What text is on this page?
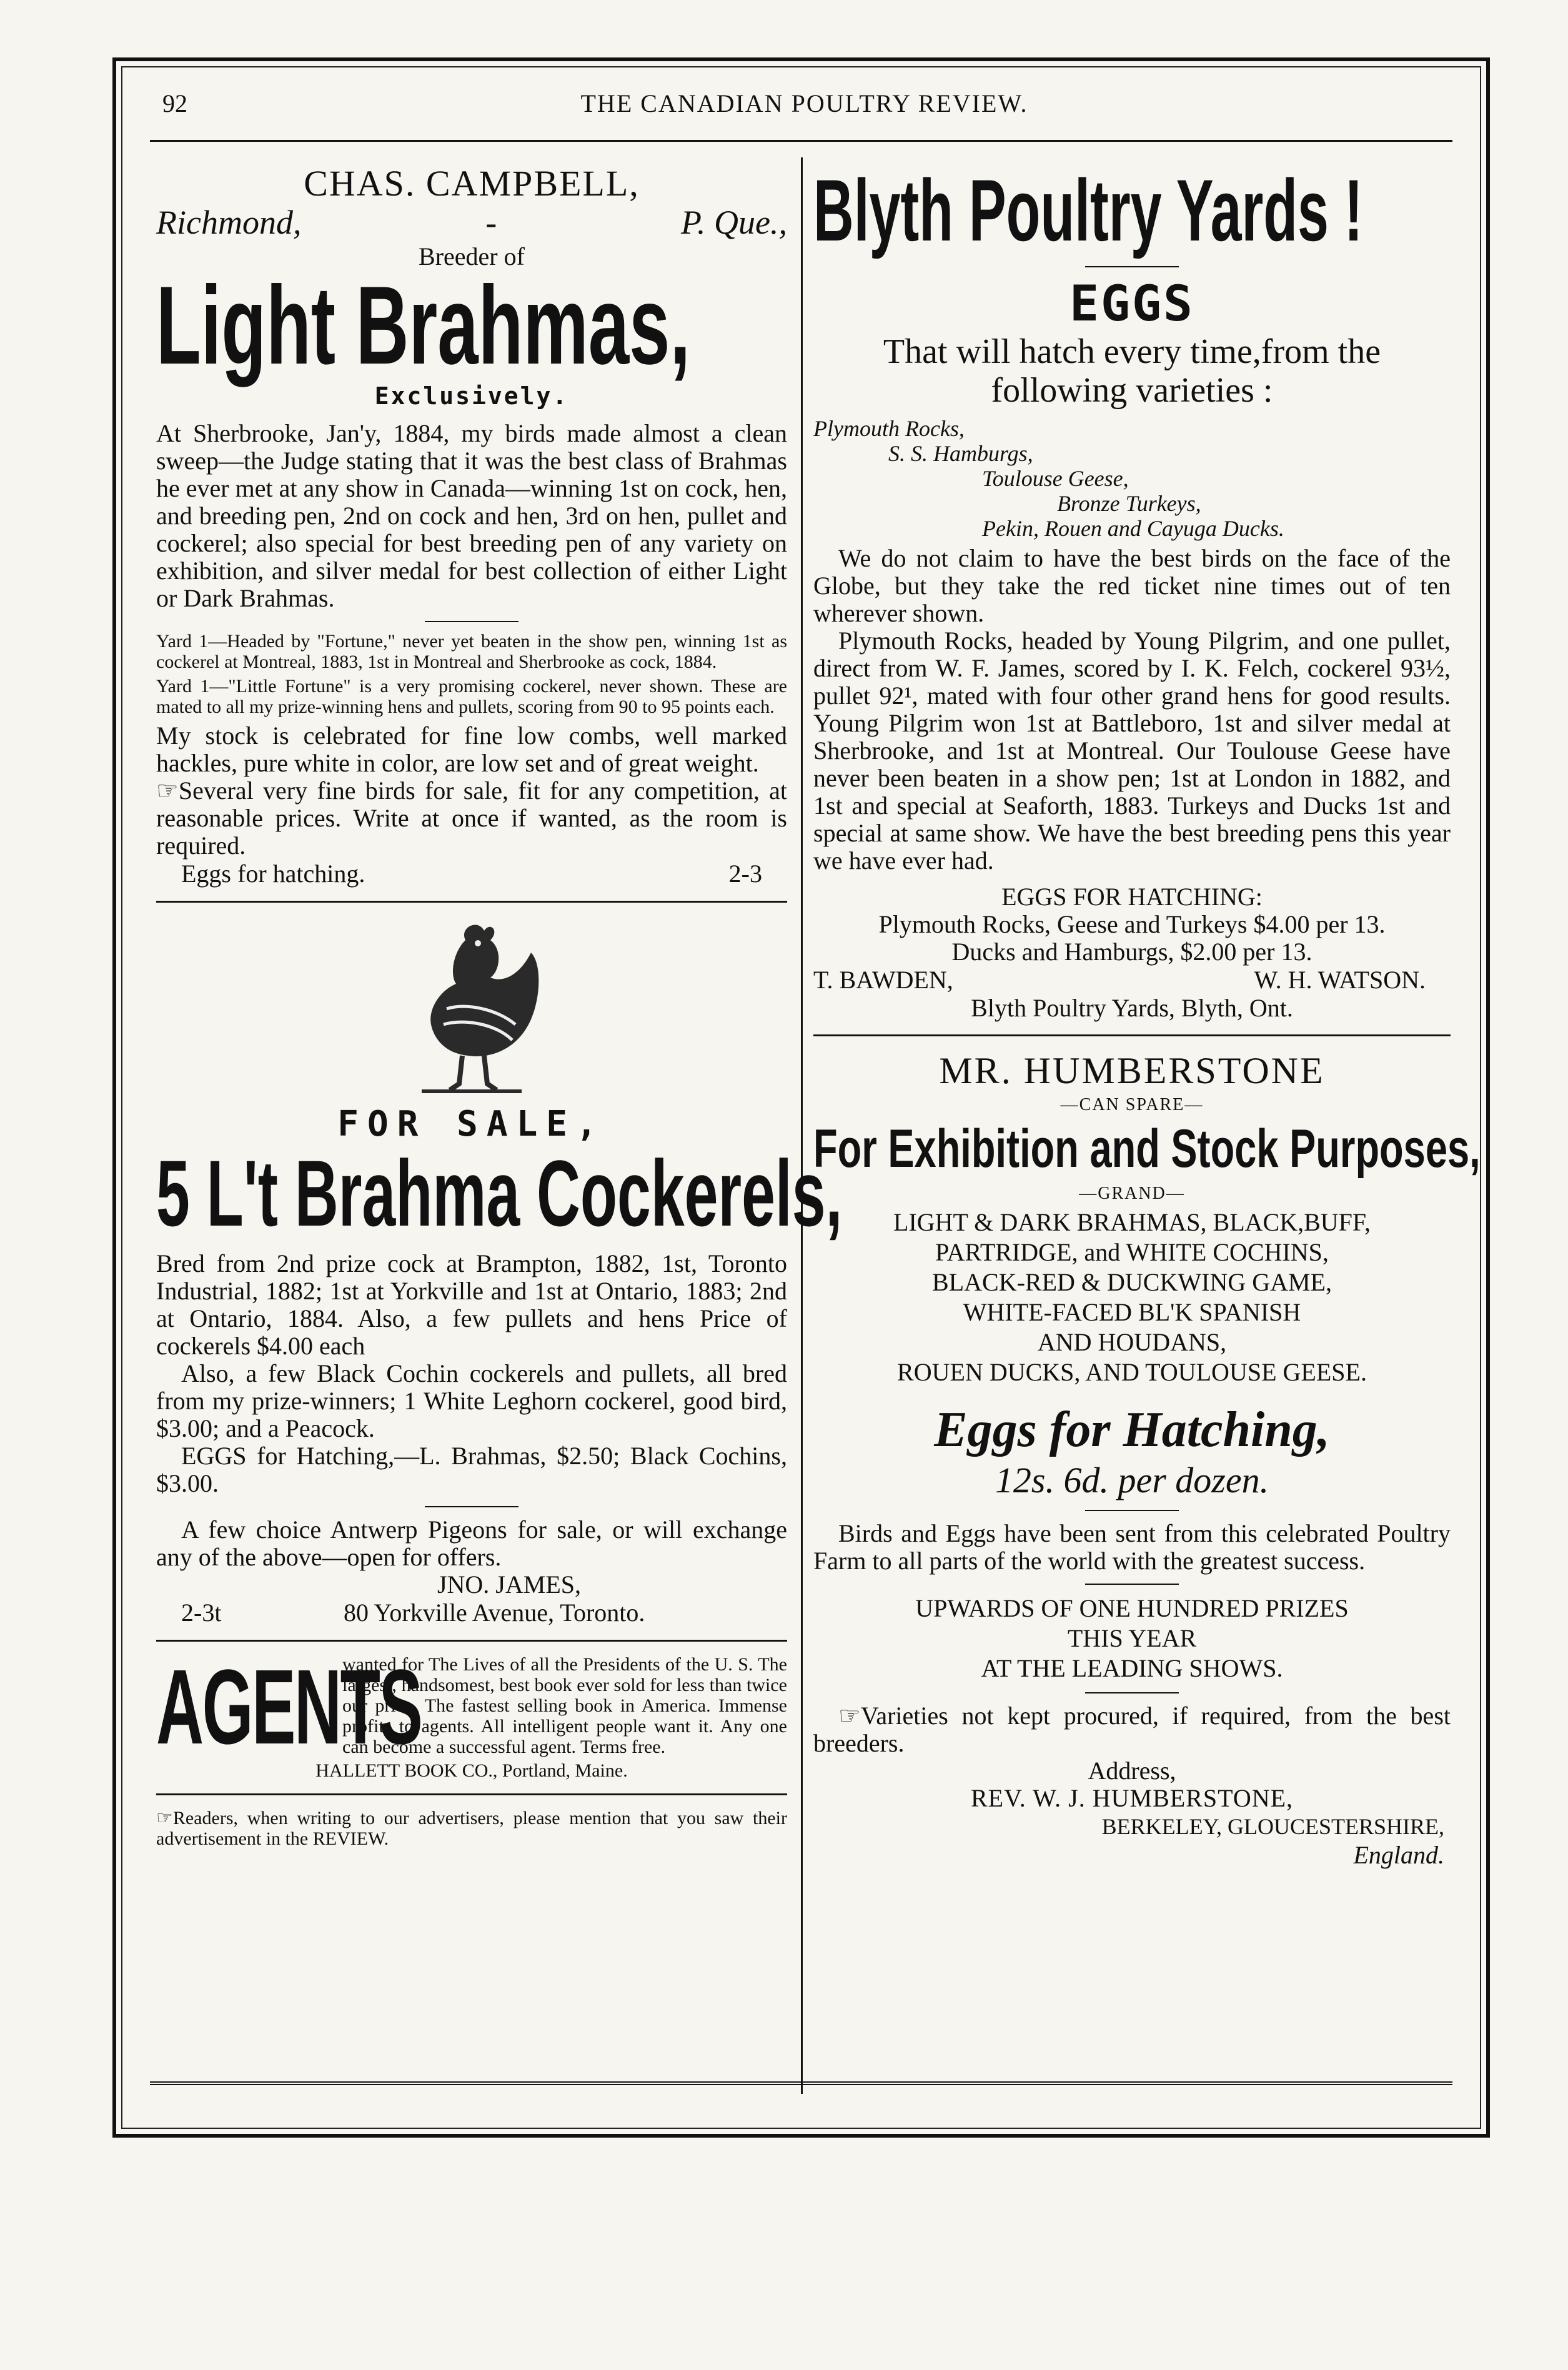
92	THE CANADIAN POULTRY REVIEW.
CHAS. CAMPBELL,
Richmond,	-	P. Que.,
Breeder of
Light Brahmas,
Exclusively.

At Sherbrooke, Jan'y, 1884, my birds made almost a clean sweep—the Judge stating that it was the best class of Brahmas he ever met at any show in Canada—winning 1st on cock, hen, and breeding pen, 2nd on cock and hen, 3rd on hen, pullet and cockerel; also special for best breeding pen of any variety on exhibition, and silver medal for best collection of either Light or Dark Brahmas.

Yard 1—Headed by "Fortune," never yet beaten in the show pen, winning 1st as cockerel at Montreal, 1883, 1st in Montreal and Sherbrooke as cock, 1884.

Yard 1—"Little Fortune" is a very promising cockerel, never shown. These are mated to all my prize-winning hens and pullets, scoring from 90 to 95 points each.

My stock is celebrated for fine low combs, well marked hackles, pure white in color, are low set and of great weight.

☞Several very fine birds for sale, fit for any competition, at reasonable prices. Write at once if wanted, as the room is required.

Eggs for hatching.	2-3
FOR SALE,
5 L't Brahma Cockerels,

Bred from 2nd prize cock at Brampton, 1882, 1st, Toronto Industrial, 1882; 1st at Yorkville and 1st at Ontario, 1883; 2nd at Ontario, 1884. Also, a few pullets and hens Price of cockerels $4.00 each

Also, a few Black Cochin cockerels and pullets, all bred from my prize-winners; 1 White Leghorn cockerel, good bird, $3.00; and a Peacock.

EGGS for Hatching,—L. Brahmas, $2.50; Black Cochins, $3.00.

A few choice Antwerp Pigeons for sale, or will exchange any of the above—open for offers.

JNO. JAMES,
2-3t	80 Yorkville Avenue, Toronto.
AGENTS

wanted for The Lives of all the Presidents of the U. S. The largest, handsomest, best book ever sold for less than twice our price. The fastest selling book in America. Immense profits to agents. All intelligent people want it. Any one can become a successful agent. Terms free.

HALLETT BOOK CO., Portland, Maine.

☞Readers, when writing to our advertisers, please mention that you saw their advertisement in the REVIEW.

Blyth Poultry Yards !
EGGS

That will hatch every time,from the following varieties :

Plymouth Rocks,
S. S. Hamburgs,
Toulouse Geese,
Bronze Turkeys,
Pekin, Rouen and Cayuga Ducks.

We do not claim to have the best birds on the face of the Globe, but they take the red ticket nine times out of ten wherever shown.

Plymouth Rocks, headed by Young Pilgrim, and one pullet, direct from W. F. James, scored by I. K. Felch, cockerel 93½, pullet 92¹, mated with four other grand hens for good results. Young Pilgrim won 1st at Battleboro, 1st and silver medal at Sherbrooke, and 1st at Montreal. Our Toulouse Geese have never been beaten in a show pen; 1st at London in 1882, and 1st and special at Seaforth, 1883. Turkeys and Ducks 1st and special at same show. We have the best breeding pens this year we have ever had.

EGGS FOR HATCHING:

Plymouth Rocks, Geese and Turkeys $4.00 per 13.

Ducks and Hamburgs, $2.00 per 13.

T. BAWDEN,	W. H. WATSON.
Blyth Poultry Yards, Blyth, Ont.
MR. HUMBERSTONE
—CAN SPARE—
For Exhibition and Stock Purposes,
—GRAND—
LIGHT & DARK BRAHMAS, BLACK,BUFF,
PARTRIDGE, and WHITE COCHINS,
BLACK-RED & DUCKWING GAME,
WHITE-FACED BL'K SPANISH
AND HOUDANS,
ROUEN DUCKS, AND TOULOUSE GEESE.
Eggs for Hatching,
12s. 6d. per dozen.

Birds and Eggs have been sent from this celebrated Poultry Farm to all parts of the world with the greatest success.

UPWARDS OF ONE HUNDRED PRIZES
THIS YEAR
AT THE LEADING SHOWS.

☞Varieties not kept procured, if required, from the best breeders.

Address,
REV. W. J. HUMBERSTONE,
BERKELEY, GLOUCESTERSHIRE,
England.
